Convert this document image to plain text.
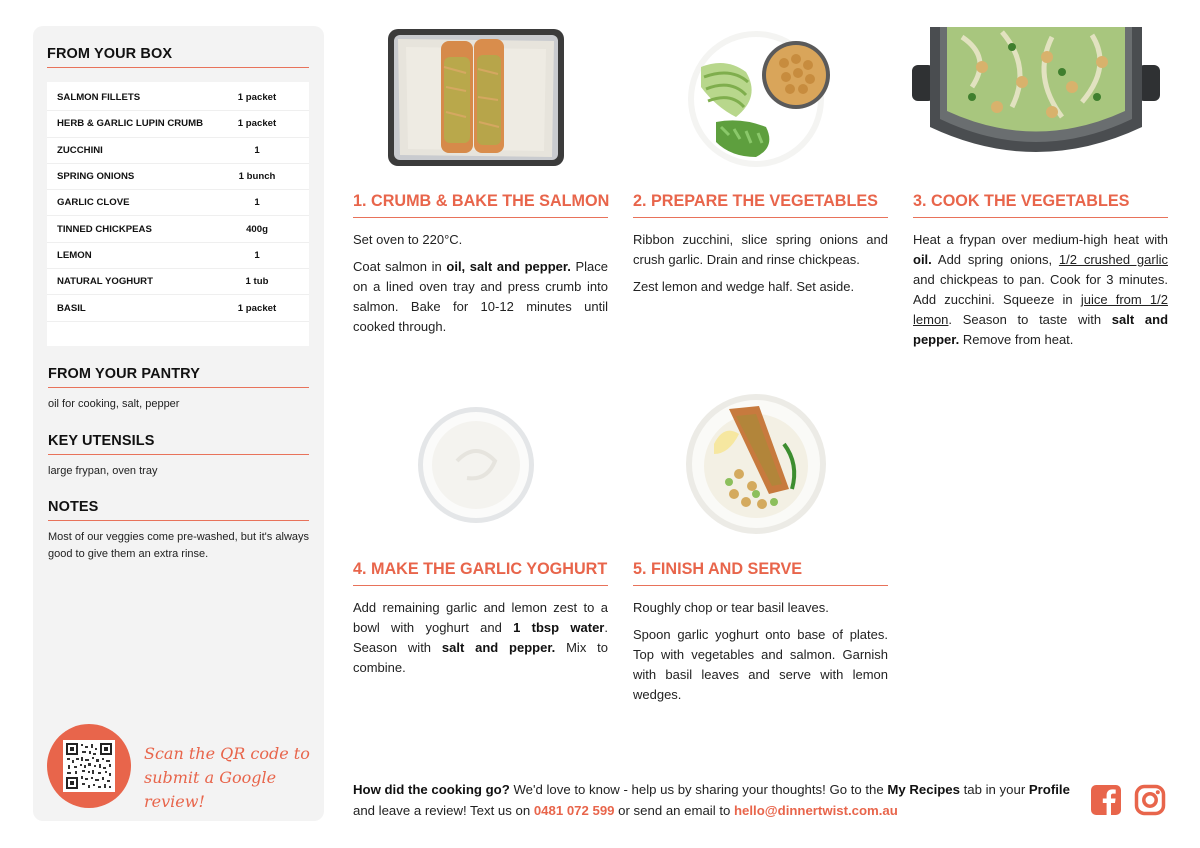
FROM YOUR BOX
SALMON FILLETS	1 packet
HERB & GARLIC LUPIN CRUMB	1 packet
ZUCCHINI	1
SPRING ONIONS	1 bunch
GARLIC CLOVE	1
TINNED CHICKPEAS	400g
LEMON	1
NATURAL YOGHURT	1 tub
BASIL	1 packet
FROM YOUR PANTRY
oil for cooking, salt, pepper
KEY UTENSILS
large frypan, oven tray
NOTES
Most of our veggies come pre-washed, but it's always good to give them an extra rinse.
Scan the QR code to submit a Google review!
1. CRUMB & BAKE THE SALMON

Set oven to 220°C.

Coat salmon in oil, salt and pepper. Place on a lined oven tray and press crumb into salmon. Bake for 10-12 minutes until cooked through.

2. PREPARE THE VEGETABLES

Ribbon zucchini, slice spring onions and crush garlic. Drain and rinse chickpeas.

Zest lemon and wedge half. Set aside.

3. COOK THE VEGETABLES

Heat a frypan over medium-high heat with oil. Add spring onions, 1/2 crushed garlic and chickpeas to pan. Cook for 3 minutes. Add zucchini. Squeeze in juice from 1/2 lemon. Season to taste with salt and pepper. Remove from heat.

4. MAKE THE GARLIC YOGHURT

Add remaining garlic and lemon zest to a bowl with yoghurt and 1 tbsp water. Season with salt and pepper. Mix to combine.

5. FINISH AND SERVE

Roughly chop or tear basil leaves.

Spoon garlic yoghurt onto base of plates. Top with vegetables and salmon. Garnish with basil leaves and serve with lemon wedges.

How did the cooking go? We'd love to know - help us by sharing your thoughts! Go to the My Recipes tab in your Profile and leave a review! Text us on 0481 072 599 or send an email to hello@dinnertwist.com.au
